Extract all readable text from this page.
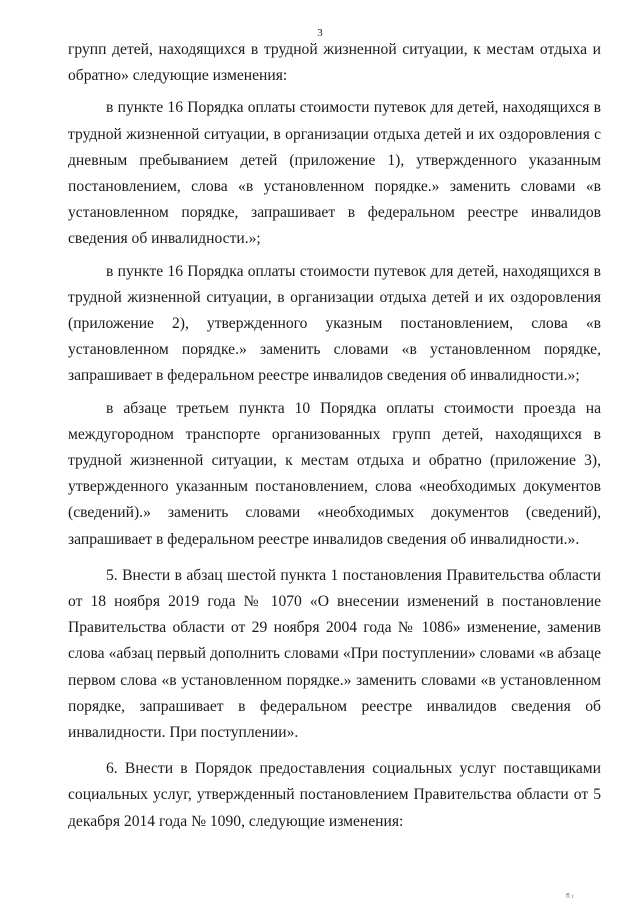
3

групп детей, находящихся в трудной жизненной ситуации, к местам отдыха и обратно» следующие изменения:

в пункте 16 Порядка оплаты стоимости путевок для детей, находящихся в трудной жизненной ситуации, в организации отдыха детей и их оздоровления с дневным пребыванием детей (приложение 1), утвержденного указанным постановлением, слова «в установленном порядке.» заменить словами «в установленном порядке, запрашивает в федеральном реестре инвалидов сведения об инвалидности.»;

в пункте 16 Порядка оплаты стоимости путевок для детей, находящихся в трудной жизненной ситуации, в организации отдыха детей и их оздоровления (приложение 2), утвержденного указным постановлением, слова «в установленном порядке.» заменить словами «в установленном порядке, запрашивает в федеральном реестре инвалидов сведения об инвалидности.»;

в абзаце третьем пункта 10 Порядка оплаты стоимости проезда на междугородном транспорте организованных групп детей, находящихся в трудной жизненной ситуации, к местам отдыха и обратно (приложение 3), утвержденного указанным постановлением, слова «необходимых документов (сведений).» заменить словами «необходимых документов (сведений), запрашивает в федеральном реестре инвалидов сведения об инвалидности.».

5. Внести в абзац шестой пункта 1 постановления Правительства области от 18 ноября 2019 года № 1070 «О внесении изменений в постановление Правительства области от 29 ноября 2004 года № 1086» изменение, заменив слова «абзац первый дополнить словами «При поступлении» словами «в абзаце первом слова «в установленном порядке.» заменить словами «в установленном порядке, запрашивает в федеральном реестре инвалидов сведения об инвалидности. При поступлении».

6. Внести в Порядок предоставления социальных услуг поставщиками социальных услуг, утвержденный постановлением Правительства области от 5 декабря 2014 года № 1090, следующие изменения:

fl ı
